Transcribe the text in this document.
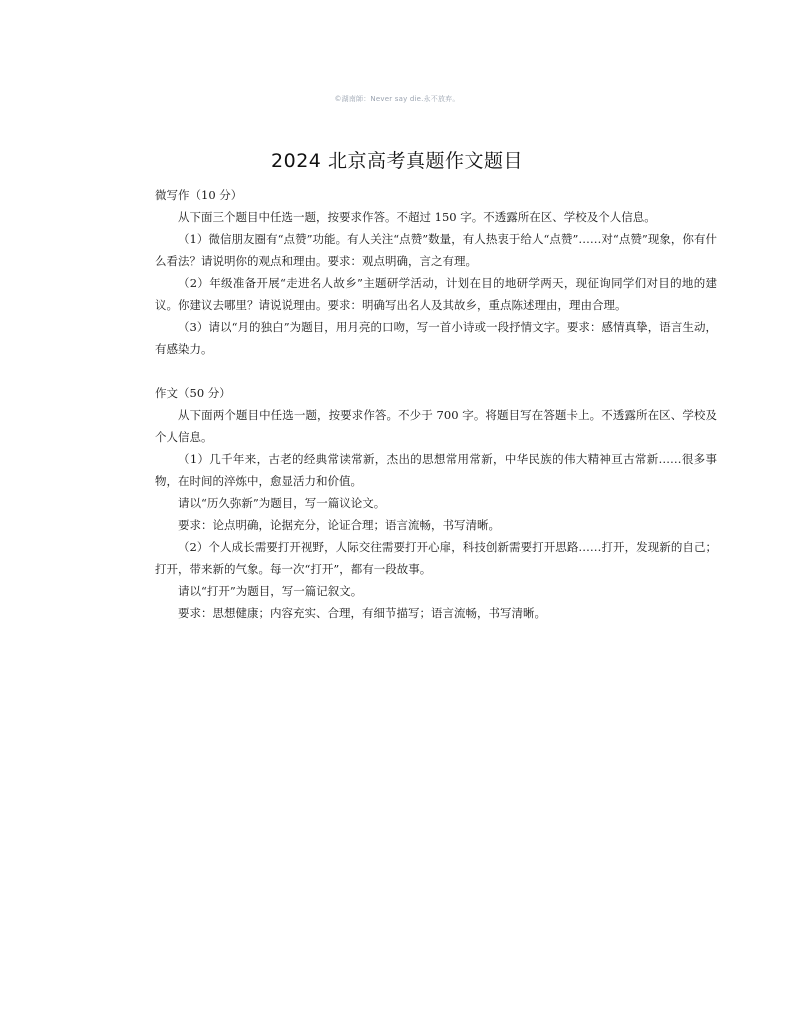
©湖南師：Never say die.永不放弃。
2024 北京高考真题作文题目

微写作（10 分）

从下面三个题目中任选一题，按要求作答。不超过 150 字。不透露所在区、学校及个人信息。

（1）微信朋友圈有“点赞”功能。有人关注“点赞”数量，有人热衷于给人“点赞”……对“点赞”现象，你有什么看法？请说明你的观点和理由。要求：观点明确，言之有理。

（2）年级准备开展“走进名人故乡”主题研学活动，计划在目的地研学两天，现征询同学们对目的地的建议。你建议去哪里？请说说理由。要求：明确写出名人及其故乡，重点陈述理由，理由合理。

（3）请以“月的独白”为题目，用月亮的口吻，写一首小诗或一段抒情文字。要求：感情真挚，语言生动，有感染力。

作文（50 分）

从下面两个题目中任选一题，按要求作答。不少于 700 字。将题目写在答题卡上。不透露所在区、学校及个人信息。

（1）几千年来，古老的经典常读常新，杰出的思想常用常新，中华民族的伟大精神亘古常新……很多事物，在时间的淬炼中，愈显活力和价值。

请以“历久弥新”为题目，写一篇议论文。

要求：论点明确，论据充分，论证合理；语言流畅，书写清晰。

（2）个人成长需要打开视野，人际交往需要打开心扉，科技创新需要打开思路……打开，发现新的自己；打开，带来新的气象。每一次“打开”，都有一段故事。

请以“打开”为题目，写一篇记叙文。

要求：思想健康；内容充实、合理，有细节描写；语言流畅，书写清晰。
